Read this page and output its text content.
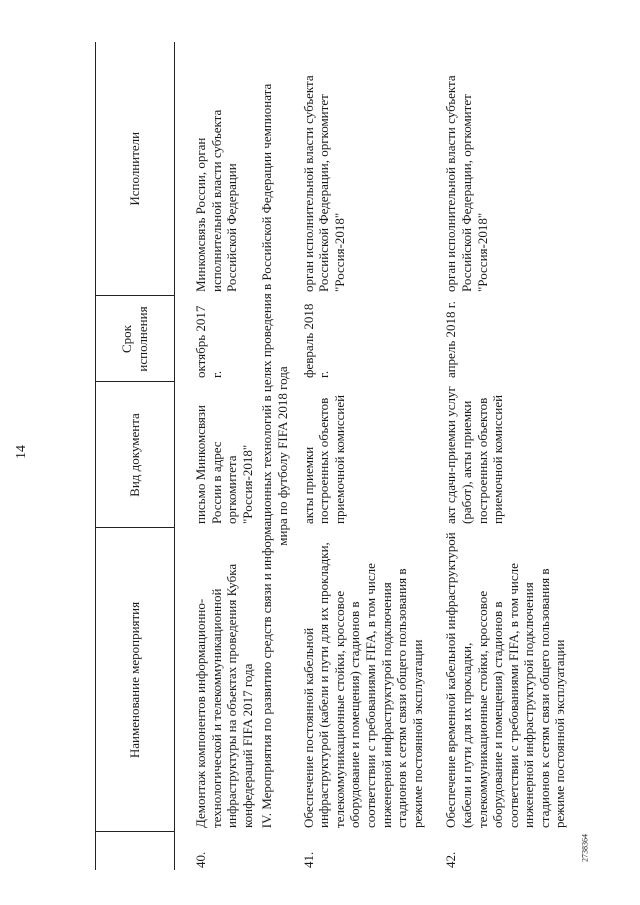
14
2738364
	Наименование мероприятия	Вид документа	Срок исполнения	Исполнители

40.	Демонтаж компонентов информационно-технологической и телекоммуникационной инфраструктуры на объектах проведения Кубка конфедераций FIFA 2017 года	письмо Минкомсвязи России в адрес оргкомитета "Россия-2018"	октябрь 2017 г.	Минкомсвязь России, орган исполнительной власти субъекта Российской Федерации
IV. Мероприятия по развитию средств связи и информационных технологий в целях проведения в Российской Федерации чемпионата мира по футболу FIFA 2018 года				
41.	Обеспечение постоянной кабельной инфраструктурой (кабели и пути для их прокладки, телекоммуникационные стойки, кроссовое оборудование и помещения) стадионов в соответствии с требованиями FIFA, в том числе инженерной инфраструктурой подключения стадионов к сетям связи общего пользования в режиме постоянной эксплуатации	акты приемки построенных объектов приемочной комиссией	февраль 2018 г.	орган исполнительной власти субъекта Российской Федерации, оргкомитет "Россия-2018"

42.	Обеспечение временной кабельной инфраструктурой (кабели и пути для их прокладки, телекоммуникационные стойки, кроссовое оборудование и помещения) стадионов в соответствии с требованиями FIFA, в том числе инженерной инфраструктурой подключения стадионов к сетям связи общего пользования в режиме постоянной эксплуатации	акт сдачи-приемки услуг (работ), акты приемки построенных объектов приемочной комиссией	апрель 2018 г.	орган исполнительной власти субъекта Российской Федерации, оргкомитет "Россия-2018"
